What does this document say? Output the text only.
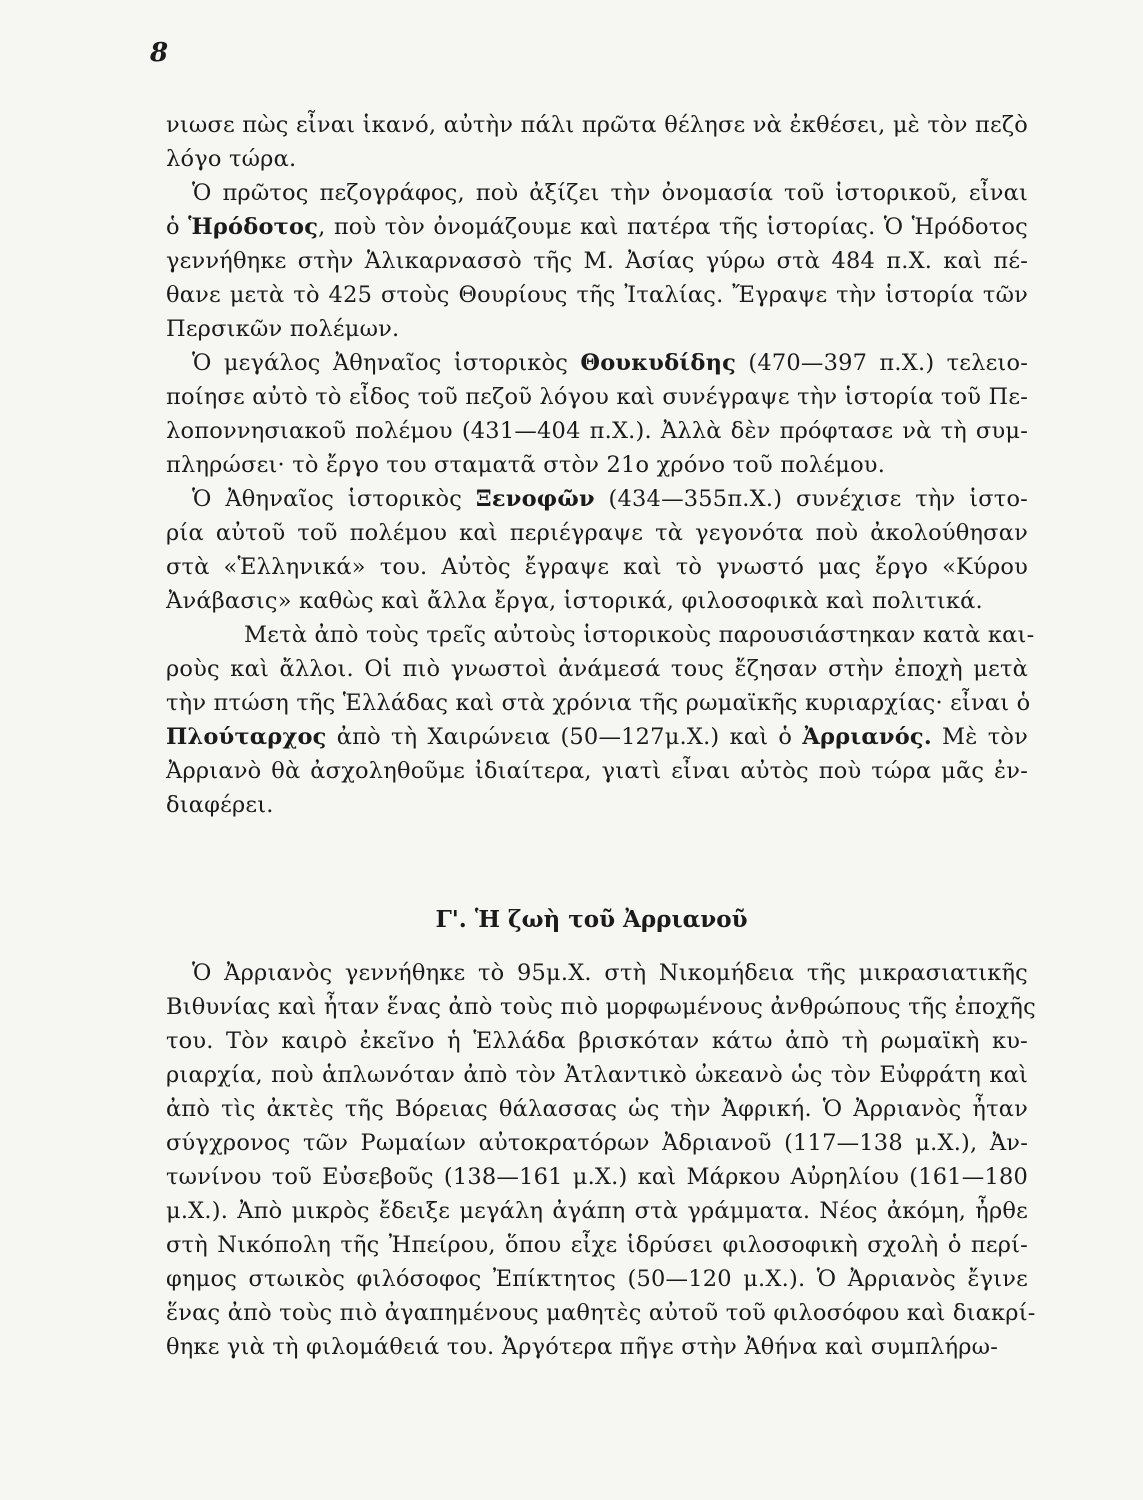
8
νιωσε πὼς εἶναι ἱκανό, αὐτὴν πάλι πρῶτα θέλησε νὰ ἐκθέσει, μὲ τὸν πεζὸ
λόγο τώρα.
Ὁ πρῶτος πεζογράφος, ποὺ ἀξίζει τὴν ὀνομασία τοῦ ἱστορικοῦ, εἶναι
ὁ Ἡρόδοτος, ποὺ τὸν ὀνομάζουμε καὶ πατέρα τῆς ἱστορίας. Ὁ Ἡρόδοτος
γεννήθηκε στὴν Ἁλικαρνασσὸ τῆς Μ. Ἀσίας γύρω στὰ 484 π.Χ. καὶ πέ-
θανε μετὰ τὸ 425 στοὺς Θουρίους τῆς Ἰταλίας. Ἔγραψε τὴν ἱστορία τῶν
Περσικῶν πολέμων.
Ὁ μεγάλος Ἀθηναῖος ἱστορικὸς Θουκυδίδης (470—397 π.Χ.) τελειο-
ποίησε αὐτὸ τὸ εἶδος τοῦ πεζοῦ λόγου καὶ συνέγραψε τὴν ἱστορία τοῦ Πε-
λοποννησιακοῦ πολέμου (431—404 π.Χ.). Ἀλλὰ δὲν πρόφτασε νὰ τὴ συμ-
πληρώσει· τὸ ἔργο του σταματᾶ στὸν 21ο χρόνο τοῦ πολέμου.
Ὁ Ἀθηναῖος ἱστορικὸς Ξενοφῶν (434—355π.Χ.) συνέχισε τὴν ἱστο-
ρία αὐτοῦ τοῦ πολέμου καὶ περιέγραψε τὰ γεγονότα ποὺ ἀκολούθησαν
στὰ «Ἑλληνικά» του. Αὐτὸς ἔγραψε καὶ τὸ γνωστό μας ἔργο «Κύρου
Ἀνάβασις» καθὼς καὶ ἄλλα ἔργα, ἱστορικά, φιλοσοφικὰ καὶ πολιτικά.
Μετὰ ἀπὸ τοὺς τρεῖς αὐτοὺς ἱστορικοὺς παρουσιάστηκαν κατὰ και-
ροὺς καὶ ἄλλοι. Οἱ πιὸ γνωστοὶ ἀνάμεσά τους ἔζησαν στὴν ἐποχὴ μετὰ
τὴν πτώση τῆς Ἑλλάδας καὶ στὰ χρόνια τῆς ρωμαϊκῆς κυριαρχίας· εἶναι ὁ
Πλούταρχος ἀπὸ τὴ Χαιρώνεια (50—127μ.Χ.) καὶ ὁ Ἀρριανός. Μὲ τὸν
Ἀρριανὸ θὰ ἀσχοληθοῦμε ἰδιαίτερα, γιατὶ εἶναι αὐτὸς ποὺ τώρα μᾶς ἐν-
διαφέρει.
Γ'. Ἡ ζωὴ τοῦ Ἀρριανοῦ
Ὁ Ἀρριανὸς γεννήθηκε τὸ 95μ.Χ. στὴ Νικομήδεια τῆς μικρασιατικῆς
Βιθυνίας καὶ ἦταν ἕνας ἀπὸ τοὺς πιὸ μορφωμένους ἀνθρώπους τῆς ἐποχῆς
του. Τὸν καιρὸ ἐκεῖνο ἡ Ἑλλάδα βρισκόταν κάτω ἀπὸ τὴ ρωμαϊκὴ κυ-
ριαρχία, ποὺ ἁπλωνόταν ἀπὸ τὸν Ἀτλαντικὸ ὠκεανὸ ὡς τὸν Εὐφράτη καὶ
ἀπὸ τὶς ἀκτὲς τῆς Βόρειας θάλασσας ὡς τὴν Ἀφρική. Ὁ Ἀρριανὸς ἦταν
σύγχρονος τῶν Ρωμαίων αὐτοκρατόρων Ἀδριανοῦ (117—138 μ.Χ.), Ἀν-
τωνίνου τοῦ Εὐσεβοῦς (138—161 μ.Χ.) καὶ Μάρκου Αὐρηλίου (161—180
μ.Χ.). Ἀπὸ μικρὸς ἔδειξε μεγάλη ἀγάπη στὰ γράμματα. Νέος ἀκόμη, ἦρθε
στὴ Νικόπολη τῆς Ἠπείρου, ὅπου εἶχε ἱδρύσει φιλοσοφικὴ σχολὴ ὁ περί-
φημος στωικὸς φιλόσοφος Ἐπίκτητος (50—120 μ.Χ.). Ὁ Ἀρριανὸς ἔγινε
ἕνας ἀπὸ τοὺς πιὸ ἀγαπημένους μαθητὲς αὐτοῦ τοῦ φιλοσόφου καὶ διακρί-
θηκε γιὰ τὴ φιλομάθειά του. Ἀργότερα πῆγε στὴν Ἀθήνα καὶ συμπλήρω-
